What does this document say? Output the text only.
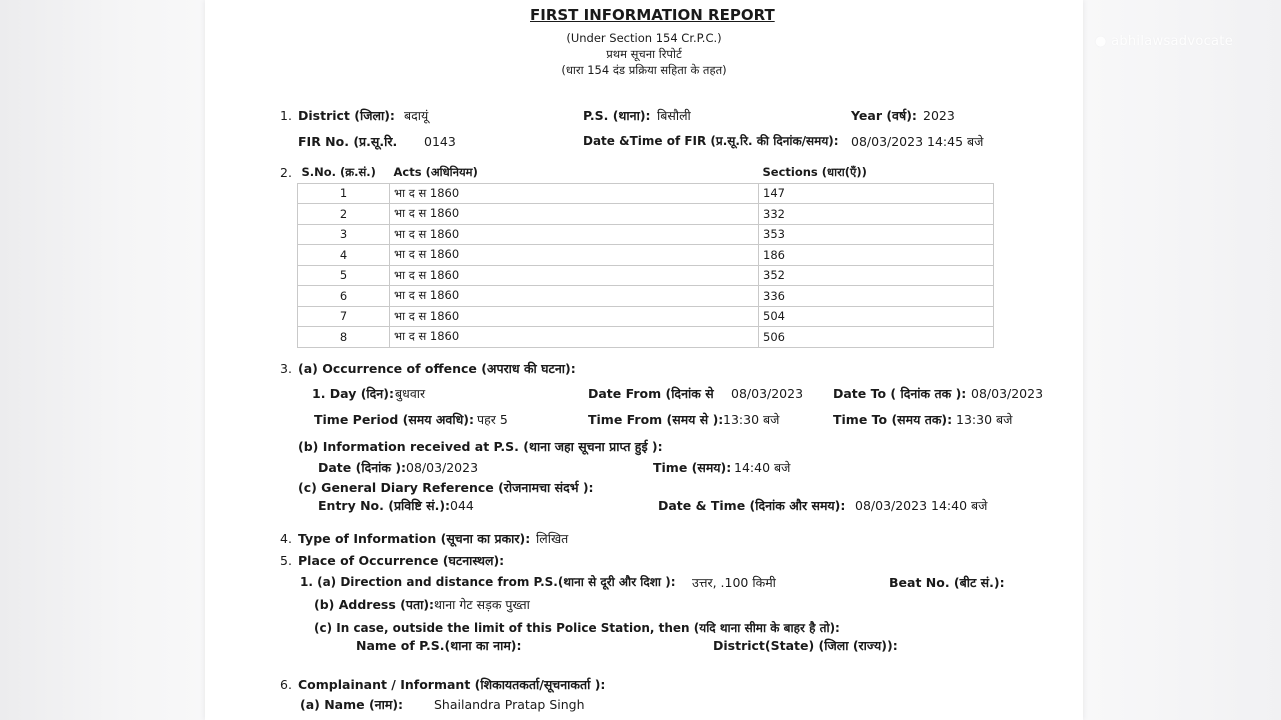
● abhilawsadvocate
FIRST INFORMATION REPORT
(Under Section 154 Cr.P.C.)
प्रथम सूचना रिपोर्ट
(धारा 154 दंड प्रक्रिया सहिता के तहत)
1. District (जिला): बदायूं	P.S. (थाना): बिसौली	Year (वर्ष): 2023
FIR No. (प्र.सू.रि. 0143	Date &Time of FIR (प्र.सू.रि. की दिनांक/समय): 08/03/2023 14:45 बजे
2. S.No. (क्र.सं.)	Acts (अधिनियम)	Sections (धारा(एँ))
1	भा द स 1860	147
2	भा द स 1860	332
3	भा द स 1860	353
4	भा द स 1860	186
5	भा द स 1860	352
6	भा द स 1860	336
7	भा द स 1860	504
8	भा द स 1860	506
3. (a) Occurrence of offence (अपराध की घटना):
1. Day (दिन): बुधवार	Date From (दिनांक से 08/03/2023 Date To ( दिनांक तक ): 08/03/2023
Time Period (समय अवधि): पहर 5	Time From (समय से ): 13:30 बजे	Time To (समय तक): 13:30 बजे
(b) Information received at P.S. (थाना जहा सूचना प्राप्त हुई ):
Date (दिनांक ): 08/03/2023	Time (समय): 14:40 बजे
(c) General Diary Reference (रोजनामचा संदर्भ ):
Entry No. (प्रविष्टि सं.): 044	Date & Time (दिनांक और समय): 08/03/2023 14:40 बजे
4. Type of Information (सूचना का प्रकार): लिखित
5. Place of Occurrence (घटनास्थल):
1. (a) Direction and distance from P.S.(थाना से दूरी और दिशा ): उत्तर, .100 किमी	Beat No. (बीट सं.):
(b) Address (पता): थाना गेट सड़क पुख्ता
(c) In case, outside the limit of this Police Station, then (यदि थाना सीमा के बाहर है तो):
Name of P.S.(थाना का नाम):	District(State) (जिला (राज्य)):
6. Complainant / Informant (शिकायतकर्ता/सूचनाकर्ता ):
(a) Name (नाम): Shailandra Pratap Singh
